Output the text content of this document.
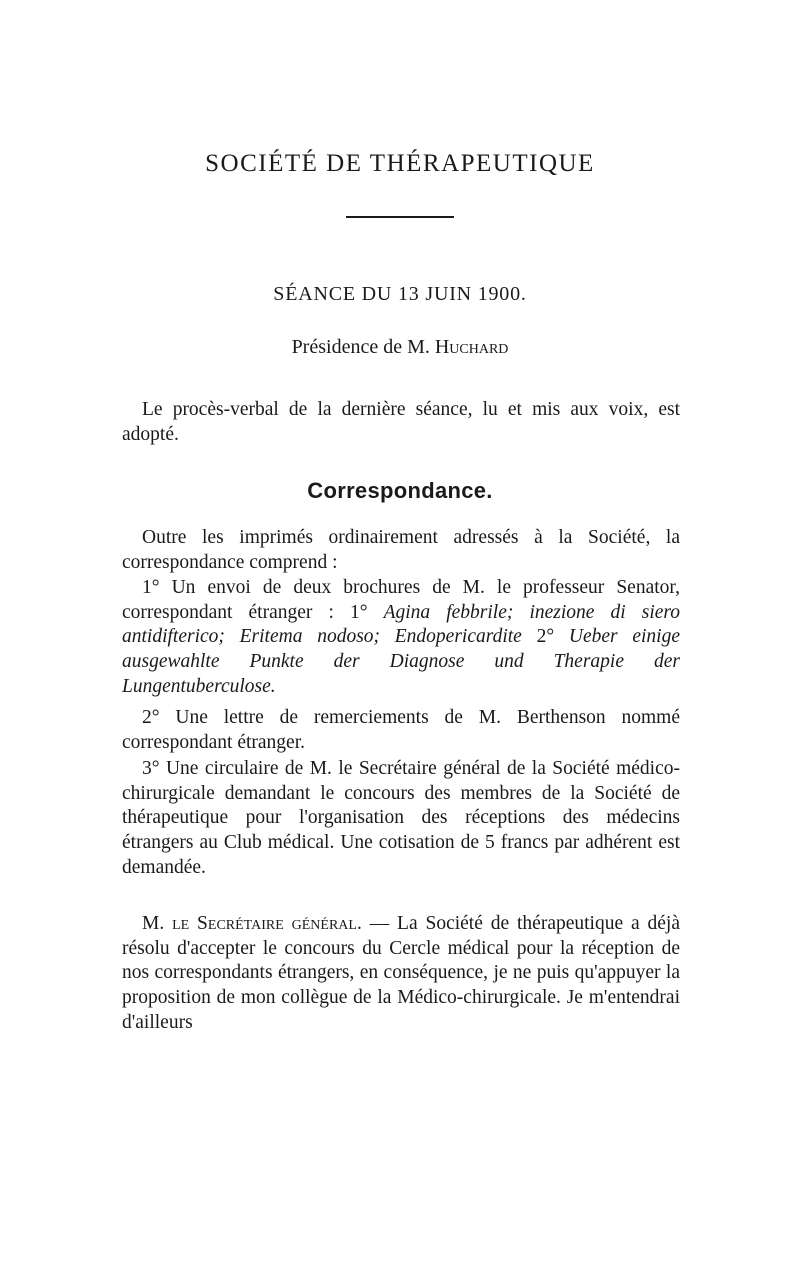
SOCIÉTÉ DE THÉRAPEUTIQUE

SÉANCE DU 13 JUIN 1900.

Présidence de M. Huchard

Le procès-verbal de la dernière séance, lu et mis aux voix, est adopté.

Correspondance.

Outre les imprimés ordinairement adressés à la Société, la correspondance comprend :

1° Un envoi de deux brochures de M. le professeur Senator, correspondant étranger : 1° Agina febbrile; inezione di siero antidifterico; Eritema nodoso; Endopericardite 2° Ueber einige ausgewahlte Punkte der Diagnose und Therapie der Lungentuberculose.

2° Une lettre de remerciements de M. Berthenson nommé correspondant étranger.

3° Une circulaire de M. le Secrétaire général de la Société médico-chirurgicale demandant le concours des membres de la Société de thérapeutique pour l'organisation des réceptions des médecins étrangers au Club médical. Une cotisation de 5 francs par adhérent est demandée.

M. le Secrétaire général. — La Société de thérapeutique a déjà résolu d'accepter le concours du Cercle médical pour la réception de nos correspondants étrangers, en conséquence, je ne puis qu'appuyer la proposition de mon collègue de la Médico-chirurgicale. Je m'entendrai d'ailleurs
